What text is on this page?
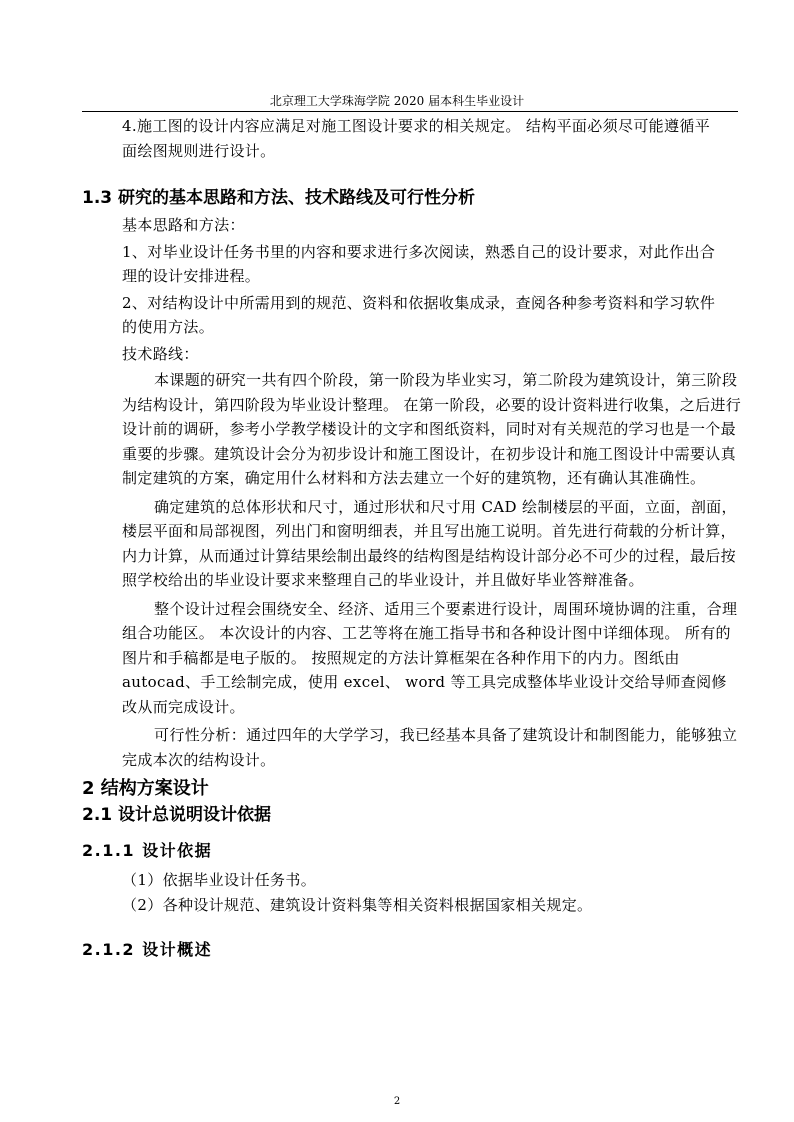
北京理工大学珠海学院 2020 届本科生毕业设计

4.施工图的设计内容应满足对施工图设计要求的相关规定。 结构平面必须尽可能遵循平

面绘图规则进行设计。

1.3 研究的基本思路和方法、技术路线及可行性分析

基本思路和方法：

1、对毕业设计任务书里的内容和要求进行多次阅读，熟悉自己的设计要求，对此作出合

理的设计安排进程。

2、对结构设计中所需用到的规范、资料和依据收集成录，查阅各种参考资料和学习软件

的使用方法。

技术路线：

本课题的研究一共有四个阶段，第一阶段为毕业实习，第二阶段为建筑设计，第三阶段为结构设计，第四阶段为毕业设计整理。 在第一阶段，必要的设计资料进行收集，之后进行设计前的调研，参考小学教学楼设计的文字和图纸资料，同时对有关规范的学习也是一个最重要的步骤。建筑设计会分为初步设计和施工图设计，在初步设计和施工图设计中需要认真制定建筑的方案，确定用什么材料和方法去建立一个好的建筑物，还有确认其准确性。

确定建筑的总体形状和尺寸，通过形状和尺寸用 CAD 绘制楼层的平面，立面，剖面，楼层平面和局部视图，列出门和窗明细表，并且写出施工说明。首先进行荷载的分析计算，内力计算，从而通过计算结果绘制出最终的结构图是结构设计部分必不可少的过程，最后按照学校给出的毕业设计要求来整理自己的毕业设计，并且做好毕业答辩准备。

整个设计过程会围绕安全、经济、适用三个要素进行设计，周围环境协调的注重，合理组合功能区。 本次设计的内容、工艺等将在施工指导书和各种设计图中详细体现。 所有的图片和手稿都是电子版的。 按照规定的方法计算框架在各种作用下的内力。图纸由 autocad、手工绘制完成，使用 excel、 word 等工具完成整体毕业设计交给导师查阅修改从而完成设计。

可行性分析：通过四年的大学学习，我已经基本具备了建筑设计和制图能力，能够独立完成本次的结构设计。

2 结构方案设计
2.1 设计总说明设计依据
2.1.1 设计依据

（1）依据毕业设计任务书。

（2）各种设计规范、建筑设计资料集等相关资料根据国家相关规定。

2.1.2 设计概述
2
